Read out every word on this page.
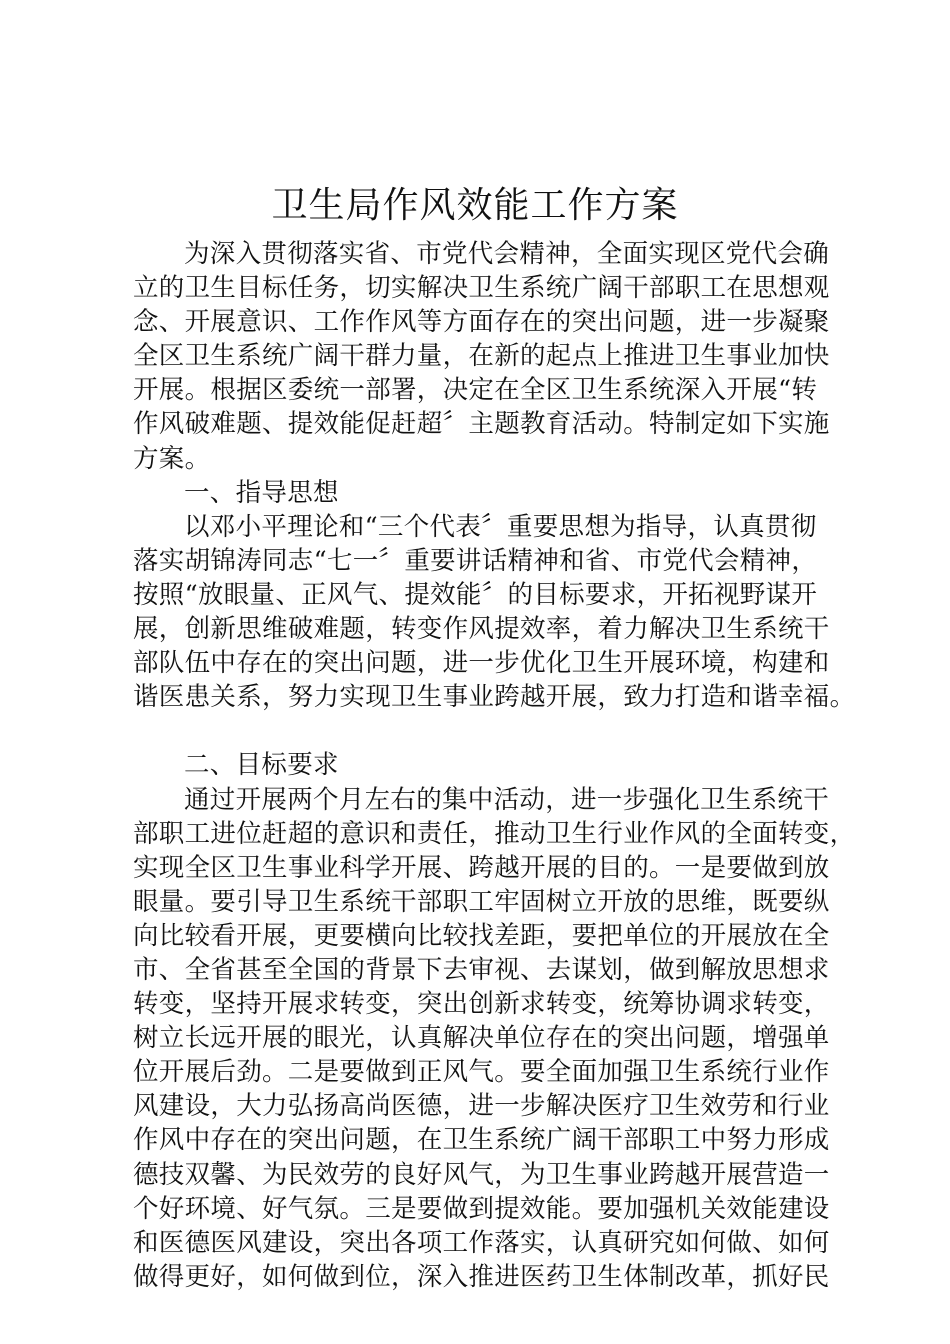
卫生局作风效能工作方案
为深入贯彻落实省、市党代会精神，全面实现区党代会确
立的卫生目标任务，切实解决卫生系统广阔干部职工在思想观
念、开展意识、工作作风等方面存在的突出问题，进一步凝聚
全区卫生系统广阔干群力量，在新的起点上推进卫生事业加快
开展。根据区委统一部署，决定在全区卫生系统深入开展“转
作风破难题、提效能促赶超〞主题教育活动。特制定如下实施
方案。
一、指导思想
以邓小平理论和“三个代表〞重要思想为指导，认真贯彻
落实胡锦涛同志“七一〞重要讲话精神和省、市党代会精神，
按照“放眼量、正风气、提效能〞的目标要求，开拓视野谋开
展，创新思维破难题，转变作风提效率，着力解决卫生系统干
部队伍中存在的突出问题，进一步优化卫生开展环境，构建和
谐医患关系，努力实现卫生事业跨越开展，致力打造和谐幸福。
二、目标要求
通过开展两个月左右的集中活动，进一步强化卫生系统干
部职工进位赶超的意识和责任，推动卫生行业作风的全面转变，
实现全区卫生事业科学开展、跨越开展的目的。一是要做到放
眼量。要引导卫生系统干部职工牢固树立开放的思维，既要纵
向比较看开展，更要横向比较找差距，要把单位的开展放在全
市、全省甚至全国的背景下去审视、去谋划，做到解放思想求
转变，坚持开展求转变，突出创新求转变，统筹协调求转变，
树立长远开展的眼光，认真解决单位存在的突出问题，增强单
位开展后劲。二是要做到正风气。要全面加强卫生系统行业作
风建设，大力弘扬高尚医德，进一步解决医疗卫生效劳和行业
作风中存在的突出问题，在卫生系统广阔干部职工中努力形成
德技双馨、为民效劳的良好风气，为卫生事业跨越开展营造一
个好环境、好气氛。三是要做到提效能。要加强机关效能建设
和医德医风建设，突出各项工作落实，认真研究如何做、如何
做得更好，如何做到位，深入推进医药卫生体制改革，抓好民
